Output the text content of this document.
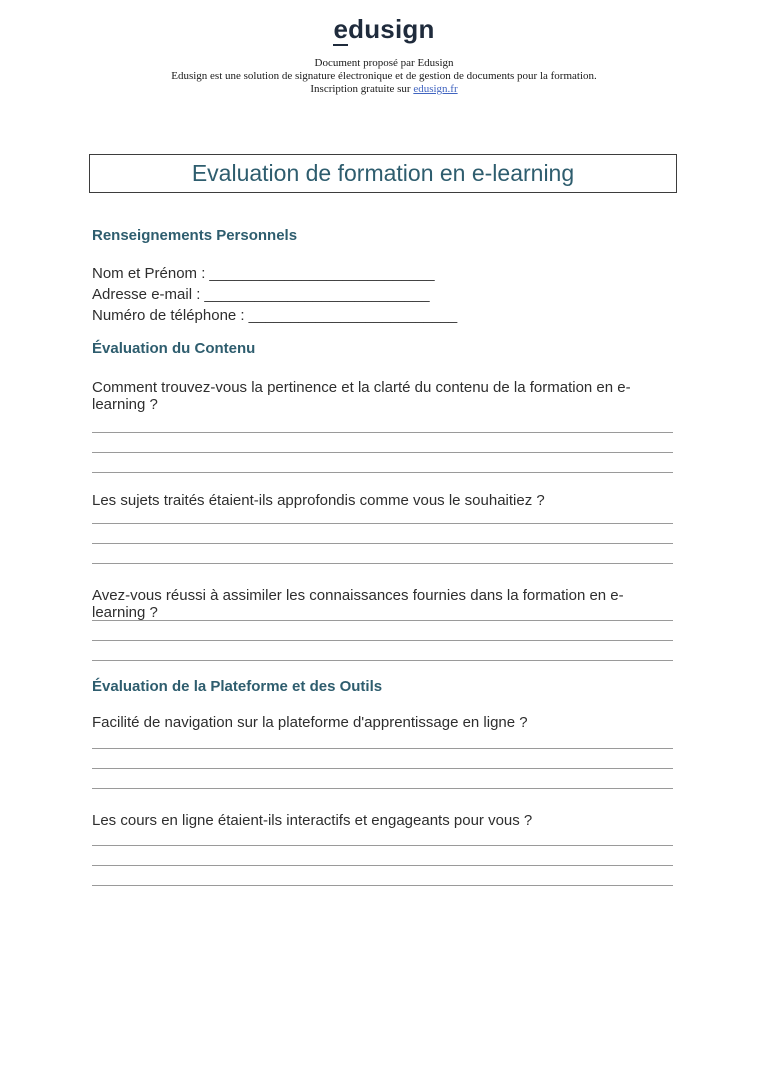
edusign
Document proposé par Edusign
Edusign est une solution de signature électronique et de gestion de documents pour la formation.
Inscription gratuite sur edusign.fr
Evaluation de formation en e-learning
Renseignements Personnels
Nom et Prénom : ___________________________
Adresse e-mail : ___________________________
Numéro de téléphone : _________________________
Évaluation du Contenu
Comment trouvez-vous la pertinence et la clarté du contenu de la formation en e-learning ?
Les sujets traités étaient-ils approfondis comme vous le souhaitiez ?
Avez-vous réussi à assimiler les connaissances fournies dans la formation en e-learning ?
Évaluation de la Plateforme et des Outils
Facilité de navigation sur la plateforme d'apprentissage en ligne ?
Les cours en ligne étaient-ils interactifs et engageants pour vous ?
